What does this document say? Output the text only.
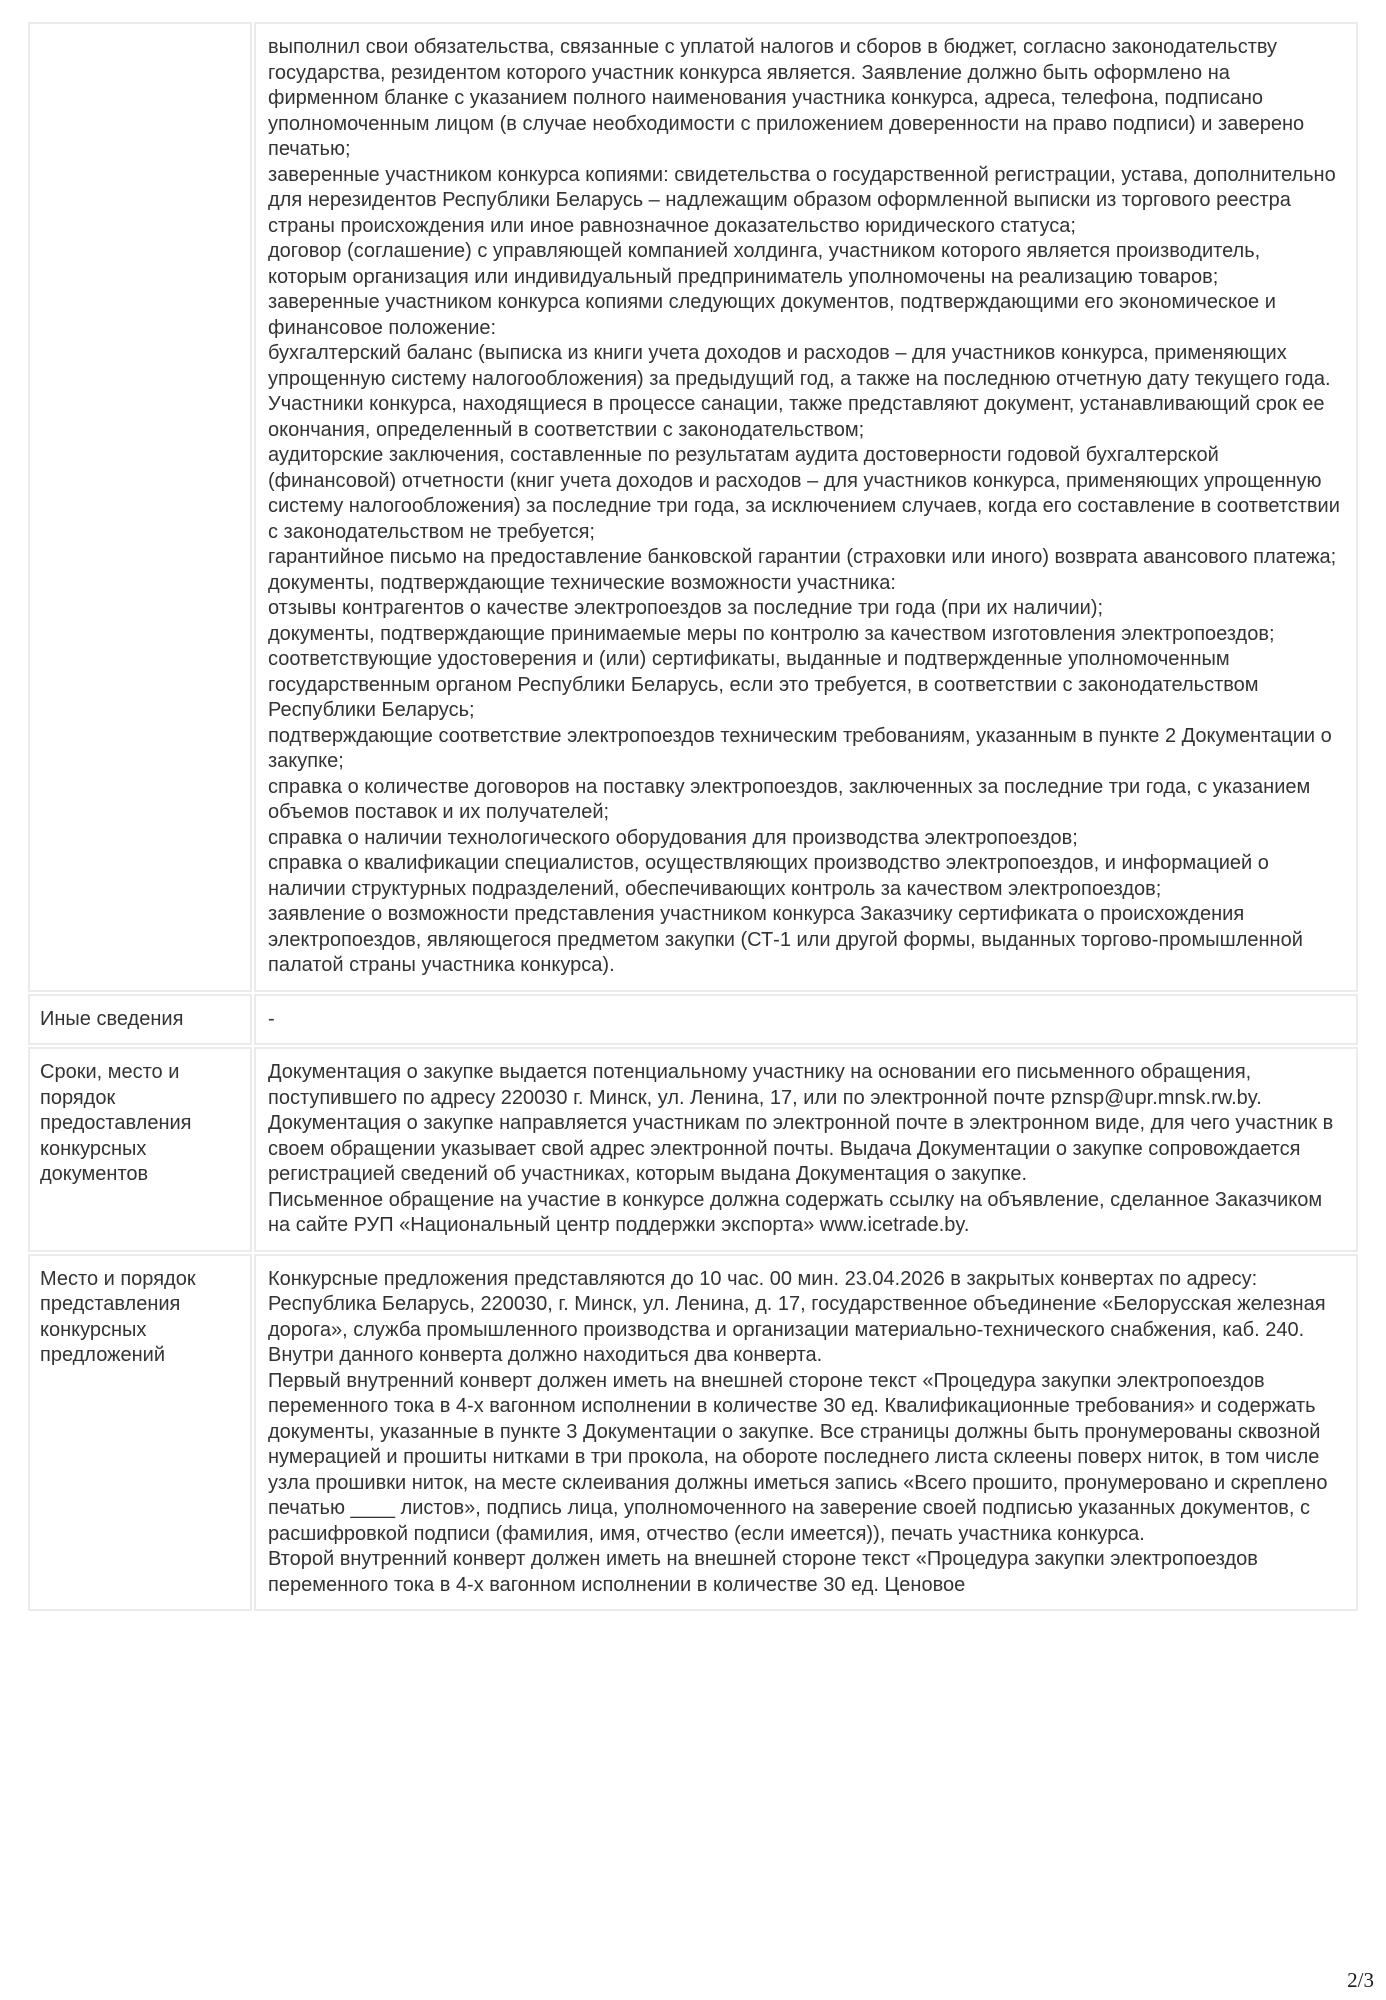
выполнил свои обязательства, связанные с уплатой налогов и сборов в бюджет, согласно законодательству государства, резидентом которого участник конкурса является. Заявление должно быть оформлено на фирменном бланке с указанием полного наименования участника конкурса, адреса, телефона, подписано уполномоченным лицом (в случае необходимости с приложением доверенности на право подписи) и заверено печатью;

заверенные участником конкурса копиями: свидетельства о государственной регистрации, устава, дополнительно для нерезидентов Республики Беларусь – надлежащим образом оформленной выписки из торгового реестра страны происхождения или иное равнозначное доказательство юридического статуса;

договор (соглашение) с управляющей компанией холдинга, участником которого является производитель, которым организация или индивидуальный предприниматель уполномочены на реализацию товаров;

заверенные участником конкурса копиями следующих документов, подтверждающими его экономическое и финансовое положение:

бухгалтерский баланс (выписка из книги учета доходов и расходов – для участников конкурса, применяющих упрощенную систему налогообложения) за предыдущий год, а также на последнюю отчетную дату текущего года. Участники конкурса, находящиеся в процессе санации, также представляют документ, устанавливающий срок ее окончания, определенный в соответствии с законодательством;

аудиторские заключения, составленные по результатам аудита достоверности годовой бухгалтерской (финансовой) отчетности (книг учета доходов и расходов – для участников конкурса, применяющих упрощенную систему налогообложения) за последние три года, за исключением случаев, когда его составление в соответствии с законодательством не требуется;

гарантийное письмо на предоставление банковской гарантии (страховки или иного) возврата авансового платежа;

документы, подтверждающие технические возможности участника:

отзывы контрагентов о качестве электропоездов за последние три года (при их наличии);

документы, подтверждающие принимаемые меры по контролю за качеством изготовления электропоездов;

соответствующие удостоверения и (или) сертификаты, выданные и подтвержденные уполномоченным государственным органом Республики Беларусь, если это требуется, в соответствии с законодательством Республики Беларусь;

подтверждающие соответствие электропоездов техническим требованиям, указанным в пункте 2 Документации о закупке;

справка о количестве договоров на поставку электропоездов, заключенных за последние три года, с указанием объемов поставок и их получателей;

справка о наличии технологического оборудования для производства электропоездов;

справка о квалификации специалистов, осуществляющих производство электропоездов, и информацией о наличии структурных подразделений, обеспечивающих контроль за качеством электропоездов;

заявление о возможности представления участником конкурса Заказчику сертификата о происхождения электропоездов, являющегося предметом закупки (СТ-1 или другой формы, выданных торгово-промышленной палатой страны участника конкурса).

Иные сведения	-

Сроки, место и порядок предоставления конкурсных документов	Документация о закупке выдается потенциальному участнику на основании его письменного обращения, поступившего по адресу 220030 г. Минск, ул. Ленина, 17, или по электронной почте pznsp@upr.mnsk.rw.by.

Документация о закупке направляется участникам по электронной почте в электронном виде, для чего участник в своем обращении указывает свой адрес электронной почты. Выдача Документации о закупке сопровождается регистрацией сведений об участниках, которым выдана Документация о закупке.

Письменное обращение на участие в конкурсе должна содержать ссылку на объявление, сделанное Заказчиком на сайте РУП «Национальный центр поддержки экспорта» www.icetrade.by.

Место и порядок представления конкурсных предложений	Конкурсные предложения представляются до 10 час. 00 мин. 23.04.2026 в закрытых конвертах по адресу: Республика Беларусь, 220030, г. Минск, ул. Ленина, д. 17, государственное объединение «Белорусская железная дорога», служба промышленного производства и организации материально-технического снабжения, каб. 240.

Внутри данного конверта должно находиться два конверта.

Первый внутренний конверт должен иметь на внешней стороне текст «Процедура закупки электропоездов переменного тока в 4-х вагонном исполнении в количестве 30 ед. Квалификационные требования» и содержать документы, указанные в пункте 3 Документации о закупке. Все страницы должны быть пронумерованы сквозной нумерацией и прошиты нитками в три прокола, на обороте последнего листа склеены поверх ниток, в том числе узла прошивки ниток, на месте склеивания должны иметься запись «Всего прошито, пронумеровано и скреплено печатью ____ листов», подпись лица, уполномоченного на заверение своей подписью указанных документов, с расшифровкой подписи (фамилия, имя, отчество (если имеется)), печать участника конкурса.

Второй внутренний конверт должен иметь на внешней стороне текст «Процедура закупки электропоездов переменного тока в 4-х вагонном исполнении в количестве 30 ед. Ценовое

2/3
